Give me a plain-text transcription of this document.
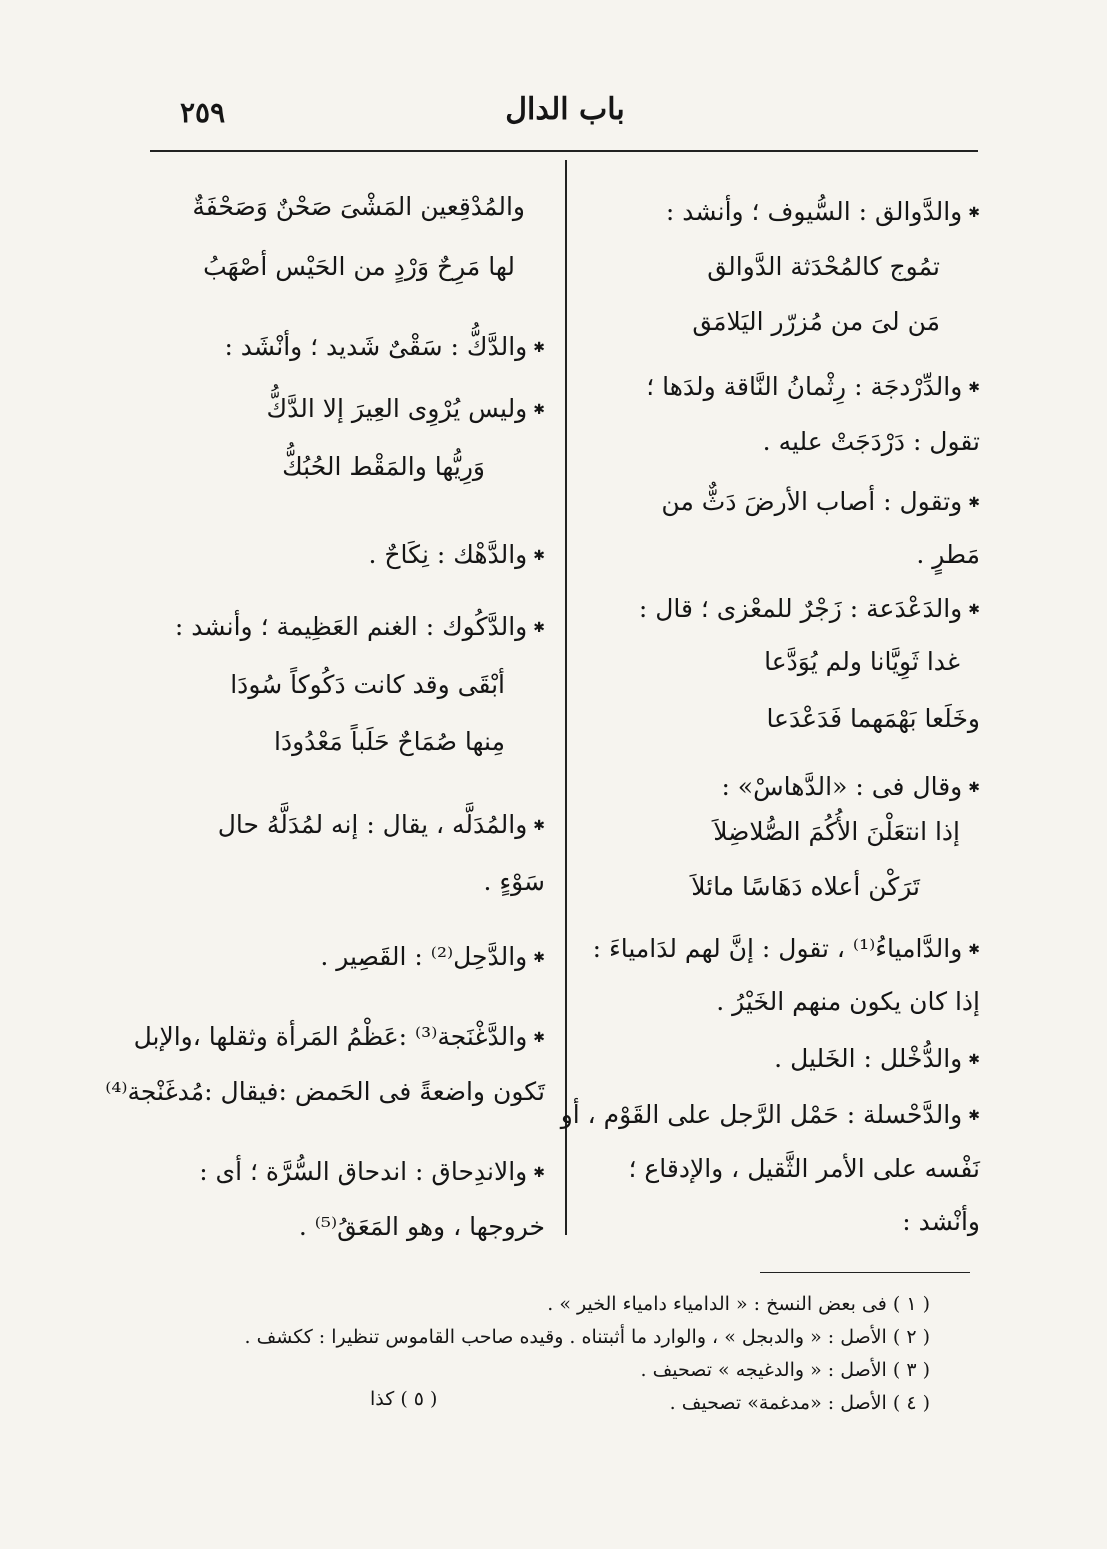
٢٥٩	باب الدال
✱والدَّوالق : السُّيوف ؛ وأنشد :
تمُوج كالمُحْدَثة الدَّوالق
مَن لىَ من مُزرّر اليَلامَق
✱والدِّرْدجَة : رِثْمانُ النَّاقة ولدَها ؛
تقول : دَرْدَجَتْ عليه .
✱وتقول : أصاب الأرضَ دَثٌّ من
مَطرٍ .
✱والدَعْدَعة : زَجْرٌ للمعْزى ؛ قال :
غدا ثَوِيَّانا ولم يُوَدَّعا
وخَلَعا بَهْمَهما فَدَعْدَعا
✱وقال فى : «الدَّهاسْ» :
إذا انتعَلْنَ الأُكُمَ الصُّلاضِلاَ
تَرَكْن أعلاه دَهَاسًا مائلاَ
✱والدَّامياءُ⁽¹⁾ ، تقول : إنَّ لهم لدَامياءَ :
إذا كان يكون منهم الخَيْرُ .
✱والدُّخْلل : الخَليل .
✱والدَّحْسلة : حَمْل الرَّجل على القَوْم ، أو
نَفْسه على الأمر الثَّقيل ، والإدقاع ؛
وأنْشد :
والمُدْقِعين المَشْىَ صَحْنٌ وَصَحْفَةٌ
لها مَرِحٌ وَرْدٍ من الحَيْس أصْهَبُ
✱والدَّكُّ : سَقْىٌ شَديد ؛ وأنْشَد :
✱وليس يُرْوِى العِيرَ إلا الدَّكُّ
وَرِيُّها والمَقْط الحُبُكُّ
✱والدَّهْك : نِكَاحٌ .
✱والدَّكُوك : الغنم العَظِيمة ؛ وأنشد :
أبْقَى وقد كانت دَكُوكاً سُودَا
مِنها صُمَاحٌ حَلَباً مَعْدُودَا
✱والمُدَلَّه ، يقال : إنه لمُدَلَّهُ حال
سَوْءٍ .
✱والدَّحِل⁽²⁾ : القَصِير .
✱والدَّغْنَجة⁽³⁾ :عَظْمُ المَرأة وثقلها ،والإبل
تَكون واضعةً فى الحَمض :فيقال :مُدغَنْجة⁽⁴⁾
✱والاندِحاق : اندحاق السُّرَّة ؛ أى :
خروجها ، وهو المَعَقُ⁽⁵⁾ .
( ١ ) فى بعض النسخ : « الدامياء دامياء الخير » .
( ٢ ) الأصل : « والدبجل » ، والوارد ما أثبتناه . وقيده صاحب القاموس تنظيرا : ككشف .
( ٣ ) الأصل : « والدغيجه » تصحيف .
( ٤ ) الأصل : «مدغمة» تصحيف .
( ٥ ) كذا
